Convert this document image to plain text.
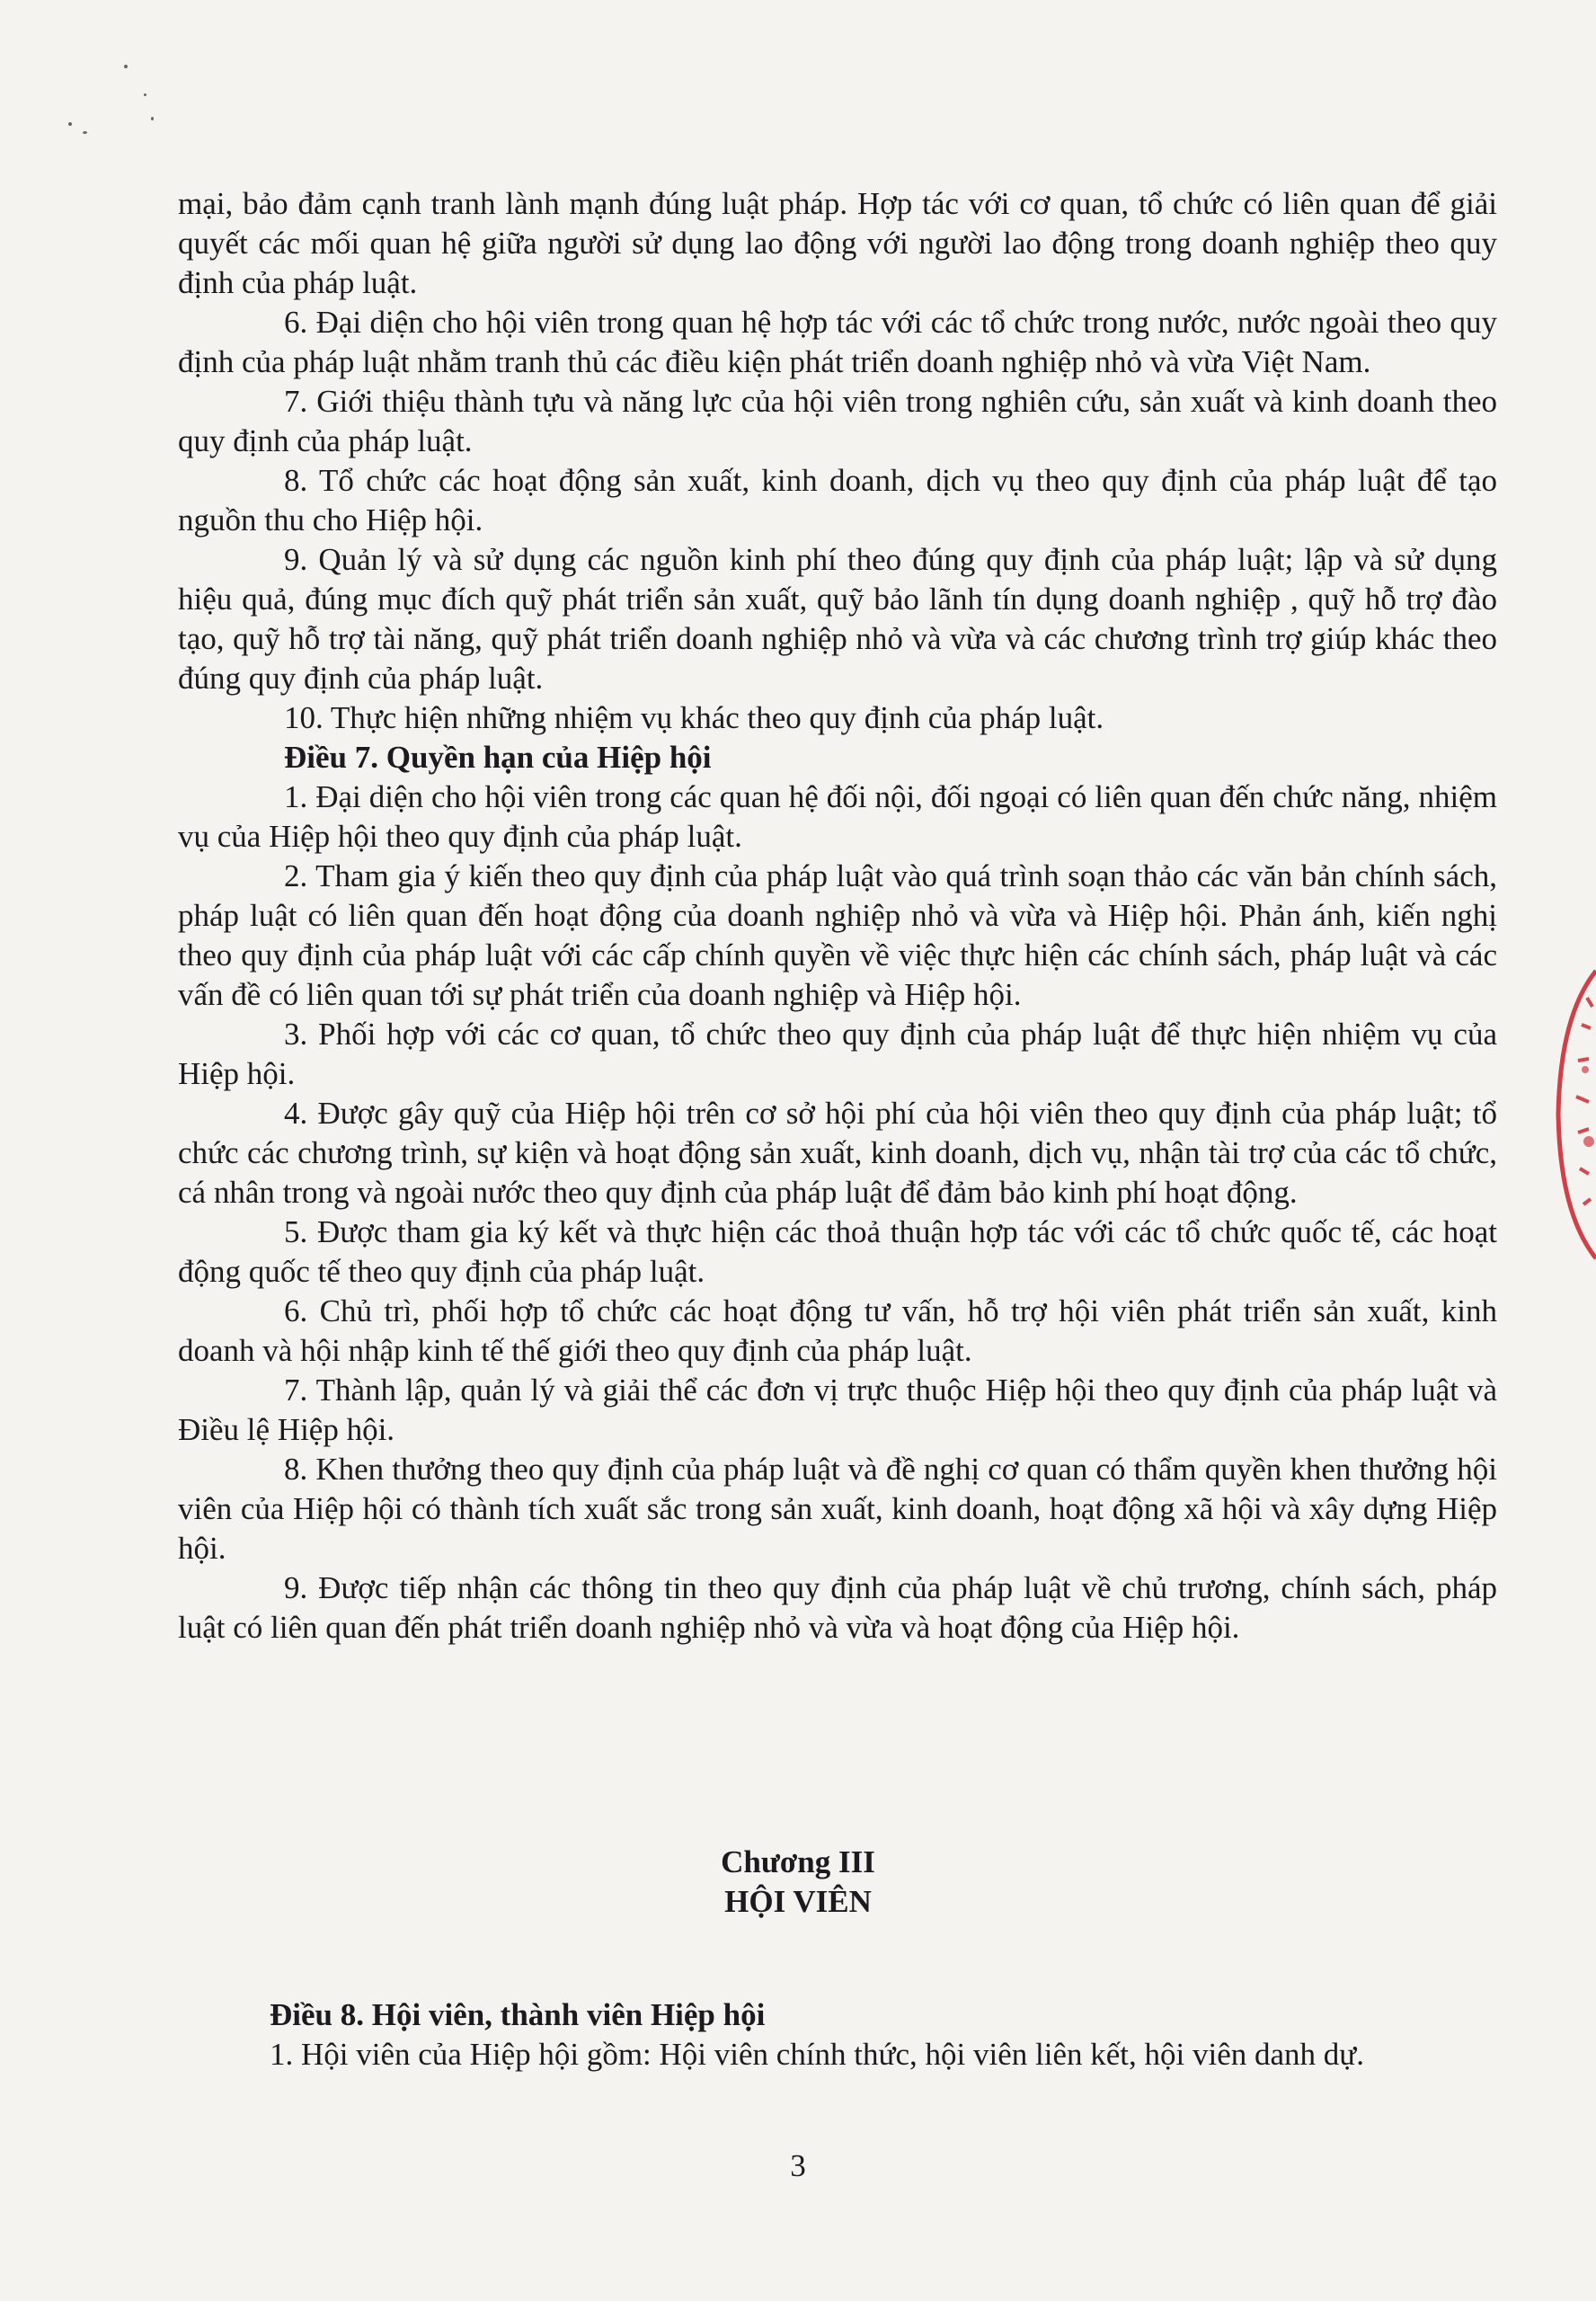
mại, bảo đảm cạnh tranh lành mạnh đúng luật pháp. Hợp tác với cơ quan, tổ chức có liên quan để giải quyết các mối quan hệ giữa người sử dụng lao động với người lao động trong doanh nghiệp theo quy định của pháp luật.

6. Đại diện cho hội viên trong quan hệ hợp tác với các tổ chức trong nước, nước ngoài theo quy định của pháp luật nhằm tranh thủ các điều kiện phát triển doanh nghiệp nhỏ và vừa Việt Nam.

7. Giới thiệu thành tựu và năng lực của hội viên trong nghiên cứu, sản xuất và kinh doanh theo quy định của pháp luật.

8. Tổ chức các hoạt động sản xuất, kinh doanh, dịch vụ theo quy định của pháp luật để tạo nguồn thu cho Hiệp hội.

9. Quản lý và sử dụng các nguồn kinh phí theo đúng quy định của pháp luật; lập và sử dụng hiệu quả, đúng mục đích quỹ phát triển sản xuất, quỹ bảo lãnh tín dụng doanh nghiệp , quỹ hỗ trợ đào tạo, quỹ hỗ trợ tài năng, quỹ phát triển doanh nghiệp nhỏ và vừa và các chương trình trợ giúp khác theo đúng quy định của pháp luật.

10. Thực hiện những nhiệm vụ khác theo quy định của pháp luật.

Điều 7. Quyền hạn của Hiệp hội

1. Đại diện cho hội viên trong các quan hệ đối nội, đối ngoại có liên quan đến chức năng, nhiệm vụ của Hiệp hội theo quy định của pháp luật.

2. Tham gia ý kiến theo quy định của pháp luật vào quá trình soạn thảo các văn bản chính sách, pháp luật có liên quan đến hoạt động của doanh nghiệp nhỏ và vừa và Hiệp hội. Phản ánh, kiến nghị theo quy định của pháp luật với các cấp chính quyền về việc thực hiện các chính sách, pháp luật và các vấn đề có liên quan tới sự phát triển của doanh nghiệp và Hiệp hội.

3. Phối hợp với các cơ quan, tổ chức theo quy định của pháp luật để thực hiện nhiệm vụ của Hiệp hội.

4. Được gây quỹ của Hiệp hội trên cơ sở hội phí của hội viên theo quy định của pháp luật; tổ chức các chương trình, sự kiện và hoạt động sản xuất, kinh doanh, dịch vụ, nhận tài trợ của các tổ chức, cá nhân trong và ngoài nước theo quy định của pháp luật để đảm bảo kinh phí hoạt động.

5. Được tham gia ký kết và thực hiện các thoả thuận hợp tác với các tổ chức quốc tế, các hoạt động quốc tế theo quy định của pháp luật.

6. Chủ trì, phối hợp tổ chức các hoạt động tư vấn, hỗ trợ hội viên phát triển sản xuất, kinh doanh và hội nhập kinh tế thế giới theo quy định của pháp luật.

7. Thành lập, quản lý và giải thể các đơn vị trực thuộc Hiệp hội theo quy định của pháp luật và Điều lệ Hiệp hội.

8. Khen thưởng theo quy định của pháp luật và đề nghị cơ quan có thẩm quyền khen thưởng hội viên của Hiệp hội có thành tích xuất sắc trong sản xuất, kinh doanh, hoạt động xã hội và xây dựng Hiệp hội.

9. Được tiếp nhận các thông tin theo quy định của pháp luật về chủ trương, chính sách, pháp luật có liên quan đến phát triển doanh nghiệp nhỏ và vừa và hoạt động của Hiệp hội.

Chương III
HỘI VIÊN
Điều 8. Hội viên, thành viên Hiệp hội
1. Hội viên của Hiệp hội gồm: Hội viên chính thức, hội viên liên kết, hội viên danh dự.
3
